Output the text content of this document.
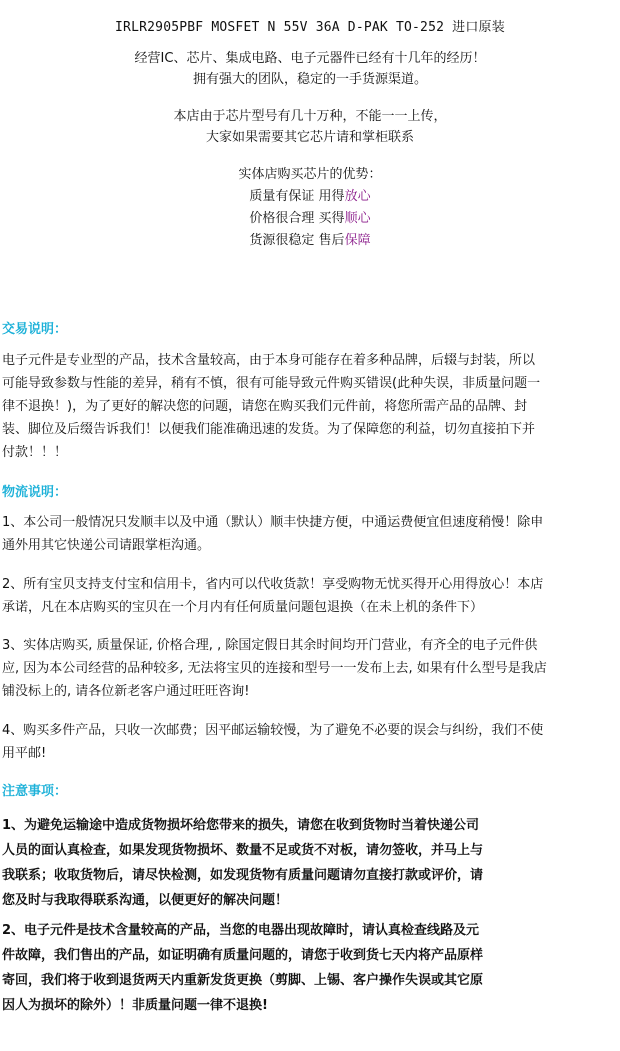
IRLR2905PBF MOSFET N 55V 36A D-PAK TO-252 进口原装
经营IC、芯片、集成电路、电子元器件已经有十几年的经历！
拥有强大的团队，稳定的一手货源渠道。
本店由于芯片型号有几十万种，不能一一上传，
大家如果需要其它芯片请和掌柜联系
实体店购买芯片的优势：
质量有保证 用得放心
价格很合理 买得顺心
货源很稳定 售后保障
交易说明：
电子元件是专业型的产品，技术含量较高，由于本身可能存在着多种品牌，后辍与封装，所以
可能导致参数与性能的差异，稍有不慎，很有可能导致元件购买错误(此种失误，非质量问题一
律不退换！)，为了更好的解决您的问题，请您在购买我们元件前，将您所需产品的品牌、封
装、脚位及后缀告诉我们！以便我们能准确迅速的发货。为了保障您的利益，切勿直接拍下并
付款！！！
物流说明：
1、本公司一般情况只发顺丰以及中通（默认）顺丰快捷方便，中通运费便宜但速度稍慢！除申
通外用其它快递公司请跟掌柜沟通。
2、所有宝贝支持支付宝和信用卡，省内可以代收货款！享受购物无忧买得开心用得放心！本店
承诺，凡在本店购买的宝贝在一个月内有任何质量问题包退换（在未上机的条件下）
3、实体店购买, 质量保证, 价格合理, , 除国定假日其余时间均开门营业，有齐全的电子元件供
应, 因为本公司经营的品种较多, 无法将宝贝的连接和型号一一发布上去, 如果有什么型号是我店
铺没标上的, 请各位新老客户通过旺旺咨询!
4、购买多件产品，只收一次邮费；因平邮运输较慢，为了避免不必要的误会与纠纷，我们不使
用平邮!
注意事项：
1、为避免运输途中造成货物损坏给您带来的损失，请您在收到货物时当着快递公司
人员的面认真检查，如果发现货物损坏、数量不足或货不对板，请勿签收，并马上与
我联系；收取货物后，请尽快检测，如发现货物有质量问题请勿直接打款或评价，请
您及时与我取得联系沟通，以便更好的解决问题！
2、电子元件是技术含量较高的产品，当您的电器出现故障时，请认真检查线路及元
件故障，我们售出的产品，如证明确有质量问题的，请您于收到货七天内将产品原样
寄回，我们将于收到退货两天内重新发货更换（剪脚、上锡、客户操作失误或其它原
因人为损坏的除外）！非质量问题一律不退换!
